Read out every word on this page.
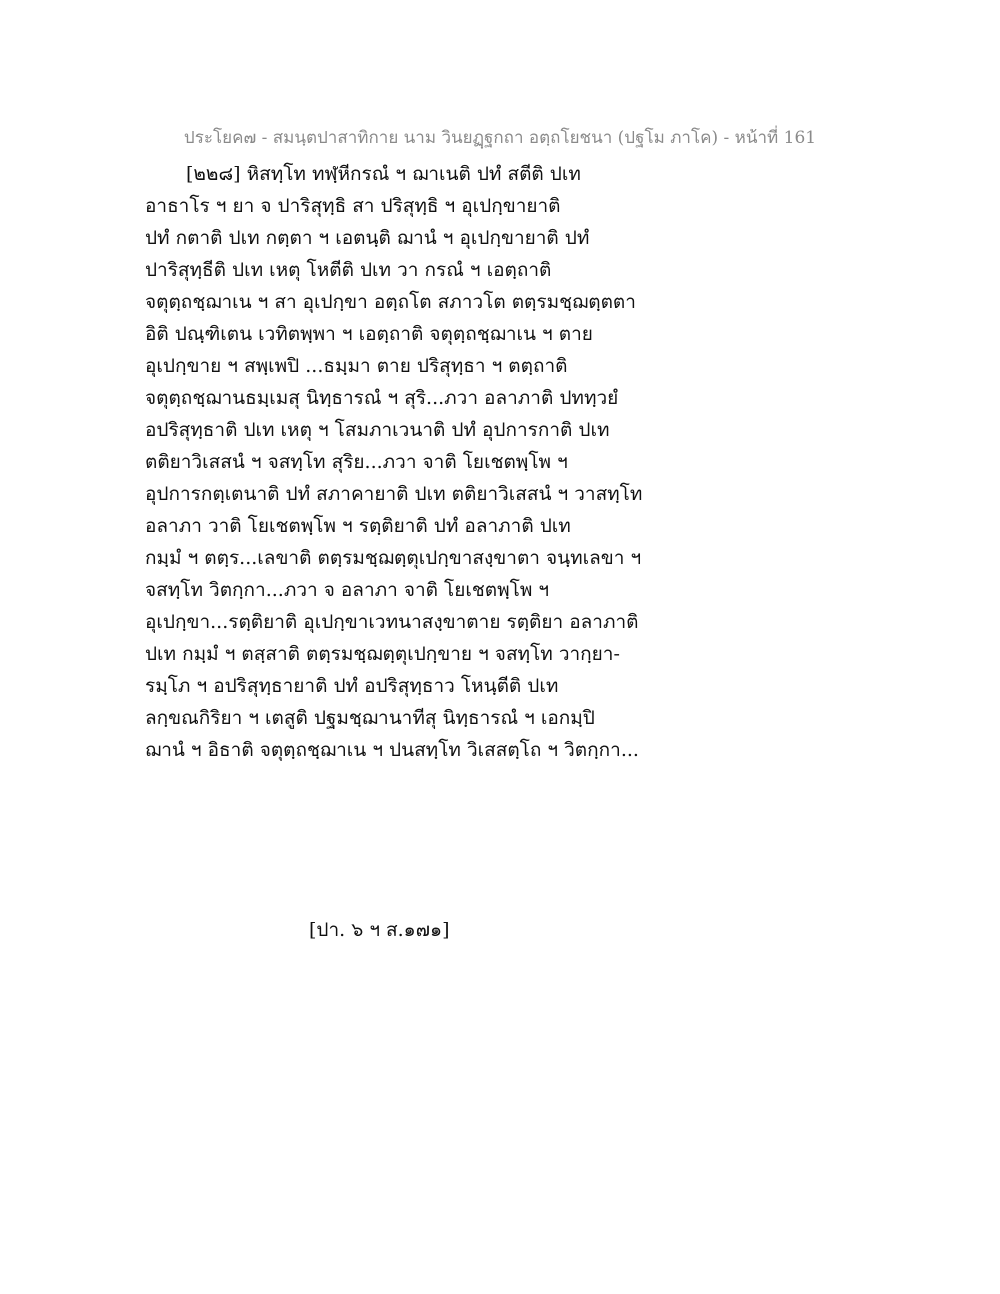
ประโยค๗ - สมนฺตปาสาทิกาย นาม วินยฏฺฐกถา อตฺถโยชนา (ปฐโม ภาโค) - หน้าที่ 161
[๒๒๘] หิสทฺโท ทฬฺหีกรณํ ฯ ฌาเนติ ปทํ สตีติ ปเท
อาธาโร ฯ ยา จ ปาริสุทฺธิ สา ปริสุทฺธิ ฯ อุเปกฺขายาติ
ปทํ กตาติ ปเท กตฺตา ฯ เอตนฺติ ฌานํ ฯ อุเปกฺขายาติ ปทํ
ปาริสุทฺธีติ ปเท เหตุ โหตีติ ปเท วา กรณํ ฯ เอตฺถาติ
จตุตฺถชฺฌาเน ฯ สา อุเปกฺขา อตฺถโต สภาวโต ตตฺรมชฺฌตฺตตา
อิติ ปณฺฑิเตน เวทิตพฺพา ฯ เอตฺถาติ จตุตฺถชฺฌาเน ฯ ตาย
อุเปกฺขาย ฯ สพฺเพปิ ...ธมฺมา ตาย ปริสุทฺธา ฯ ตตฺถาติ
จตุตฺถชฺฌานธมฺเมสุ นิทฺธารณํ ฯ สุริ...ภวา อลาภาติ ปททฺวยํ
อปริสุทฺธาติ ปเท เหตุ ฯ โสมภาเวนาติ ปทํ อุปการกาติ ปเท
ตติยาวิเสสนํ ฯ จสทฺโท สุริย...ภวา จาติ โยเชตพฺโพ ฯ
อุปการกตฺเตนาติ ปทํ สภาคายาติ ปเท ตติยาวิเสสนํ ฯ วาสทฺโท
อลาภา วาติ โยเชตพฺโพ ฯ รตฺติยาติ ปทํ อลาภาติ ปเท
กมฺมํ ฯ ตตฺร...เลขาติ ตตฺรมชฺฌตฺตุเปกฺขาสงฺขาตา จนฺทเลขา ฯ
จสทฺโท วิตกฺกา...ภวา จ อลาภา จาติ โยเชตพฺโพ ฯ
อุเปกฺขา...รตฺติยาติ อุเปกฺขาเวทนาสงฺขาตาย รตฺติยา อลาภาติ
ปเท กมฺมํ ฯ ตสฺสาติ ตตฺรมชฺฌตฺตุเปกฺขาย ฯ จสทฺโท วากฺยา-
รมฺโภ ฯ อปริสุทฺธายาติ ปทํ อปริสุทฺธาว โหนฺตีติ ปเท
ลกฺขณกิริยา ฯ เตสูติ ปฐมชฺฌานาทีสุ นิทฺธารณํ ฯ เอกมฺปิ
ฌานํ ฯ อิธาติ จตุตฺถชฺฌาเน ฯ ปนสทฺโท วิเสสตฺโถ ฯ วิตกฺกา...
[ปา. ๖ ฯ ส.๑๗๑]
